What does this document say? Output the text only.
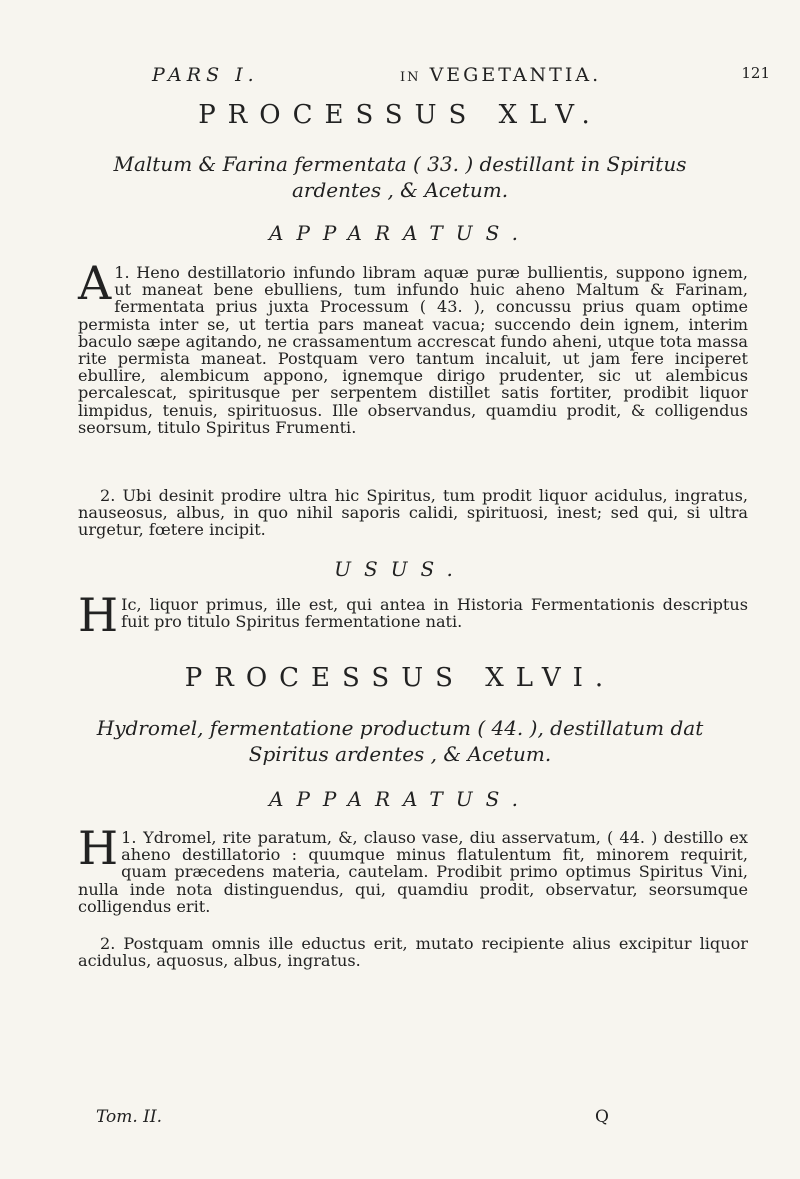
PARS I.	IN VEGETANTIA.	121
PROCESSUS XLV.
Maltum & Farina fermentata ( 33. ) destillant in Spiritus
ardentes , & Acetum.
APPARATUS.

1.
A Heno destillatorio infundo libram aquæ puræ bullientis, suppono ignem, ut maneat bene ebulliens, tum infundo huic aheno Maltum & Farinam, fermentata prius juxta Processum ( 43. ), concussu prius quam optime permista inter se, ut tertia pars maneat vacua; succendo dein ignem, interim baculo sæpe agitando, ne crassamentum accrescat fundo aheni, utque tota massa rite permista maneat. Postquam vero tantum incaluit, ut jam fere inciperet ebullire, alembicum appono, ignemque dirigo prudenter, sic ut alembicus percalescat, spiritusque per serpentem distillet satis fortiter, prodibit liquor limpidus, tenuis, spirituosus. Ille observandus, quamdiu prodit, & colligendus seorsum, titulo Spiritus Frumenti.

2. Ubi desinit prodire ultra hic Spiritus, tum prodit liquor acidulus, ingratus, nauseosus, albus, in quo nihil saporis calidi, spirituosi, inest; sed qui, si ultra urgetur, fœtere incipit.

USUS.

H Ic, liquor primus, ille est, qui antea in Historia Fermentationis descriptus fuit pro titulo Spiritus fermentatione nati.

PROCESSUS XLVI.
Hydromel, fermentatione productum ( 44. ), destillatum dat
Spiritus ardentes , & Acetum.
APPARATUS.

1.
H Ydromel, rite paratum, &, clauso vase, diu asservatum, ( 44. ) destillo ex aheno destillatorio : quumque minus flatulentum fit, minorem requirit, quam præcedens materia, cautelam. Prodibit primo optimus Spiritus Vini, nulla inde nota distinguendus, qui, quamdiu prodit, observatur, seorsumque colligendus erit.

2. Postquam omnis ille eductus erit, mutato recipiente alius excipitur liquor acidulus, aquosus, albus, ingratus.

Tom. II.	Q
